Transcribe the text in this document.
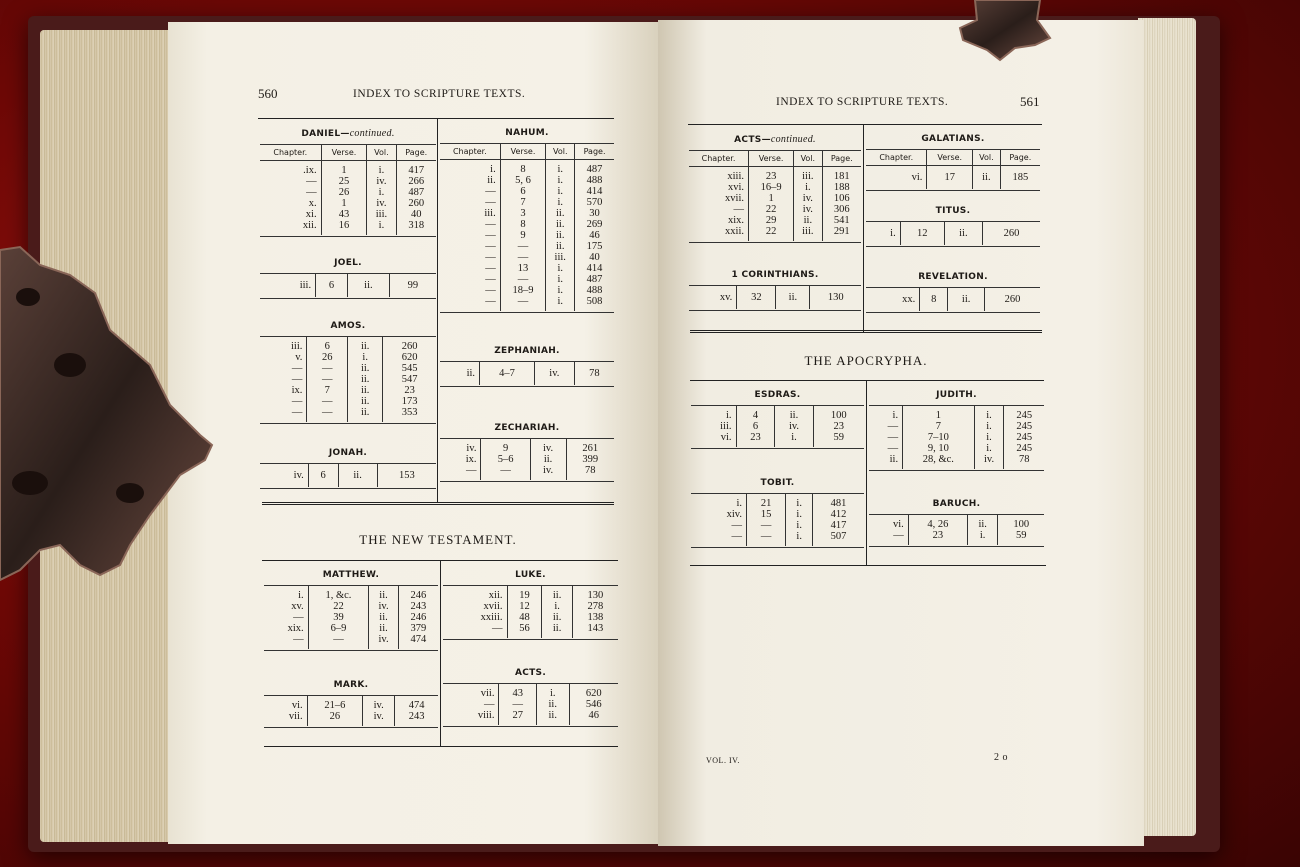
560	INDEX TO SCRIPTURE TEXTS.
DANIEL—continued.
Chapter.	Verse.	Vol.	Page.
.ix.	1	i.	417
—	25	iv.	266
—	26	i.	487
x.	1	iv.	260
xi.	43	iii.	40
xii.	16	i.	318
JOEL.

iii.	6	ii.	99
AMOS.

iii.	6	ii.	260
v.	26	i.	620
—	—	ii.	545
—	—	ii.	547
ix.	7	ii.	23
—	—	ii.	173
—	—	ii.	353
JONAH.

iv.	6	ii.	153
NAHUM.
Chapter.	Verse.	Vol.	Page.
i.	8	i.	487
ii.	5, 6	i.	488
—	6	i.	414
—	7	i.	570
iii.	3	ii.	30
—	8	ii.	269
—	9	ii.	46
—	—	ii.	175
—	—	iii.	40
—	13	i.	414
—	—	i.	487
—	18–9	i.	488
—	—	i.	508
ZEPHANIAH.

ii.	4–7	iv.	78
ZECHARIAH.

iv.	9	iv.	261
ix.	5–6	ii.	399
—	—	iv.	78
THE NEW TESTAMENT.
MATTHEW.

i.	1, &c.	ii.	246
xv.	22	iv.	243
—	39	ii.	246
xix.	6–9	ii.	379
—	—	iv.	474
MARK.

vi.	21–6	iv.	474
vii.	26	iv.	243
LUKE.

xii.	19	ii.	130
xvii.	12	i.	278
xxiii.	48	ii.	138
—	56	ii.	143
ACTS.

vii.	43	i.	620
—	—	ii.	546
viii.	27	ii.	46
INDEX TO SCRIPTURE TEXTS.	561
ACTS—continued.
Chapter.	Verse.	Vol.	Page.
xiii.	23	iii.	181
xvi.	16–9	i.	188
xvii.	1	iv.	106
—	22	iv.	306
xix.	29	ii.	541
xxii.	22	iii.	291
1 CORINTHIANS.

xv.	32	ii.	130
GALATIANS.
Chapter.	Verse.	Vol.	Page.
vi.	17	ii.	185
TITUS.

i.	12	ii.	260
REVELATION.

xx.	8	ii.	260
THE APOCRYPHA.
ESDRAS.

i.	4	ii.	100
iii.	6	iv.	23
vi.	23	i.	59
TOBIT.

i.	21	i.	481
xiv.	15	i.	412
—	—	i.	417
—	—	i.	507
JUDITH.

i.	1	i.	245
—	7	i.	245
—	7–10	i.	245
—	9, 10	i.	245
ii.	28, &c.	iv.	78
BARUCH.

vi.	4, 26	ii.	100
—	23	i.	59
VOL. IV.	2 o
